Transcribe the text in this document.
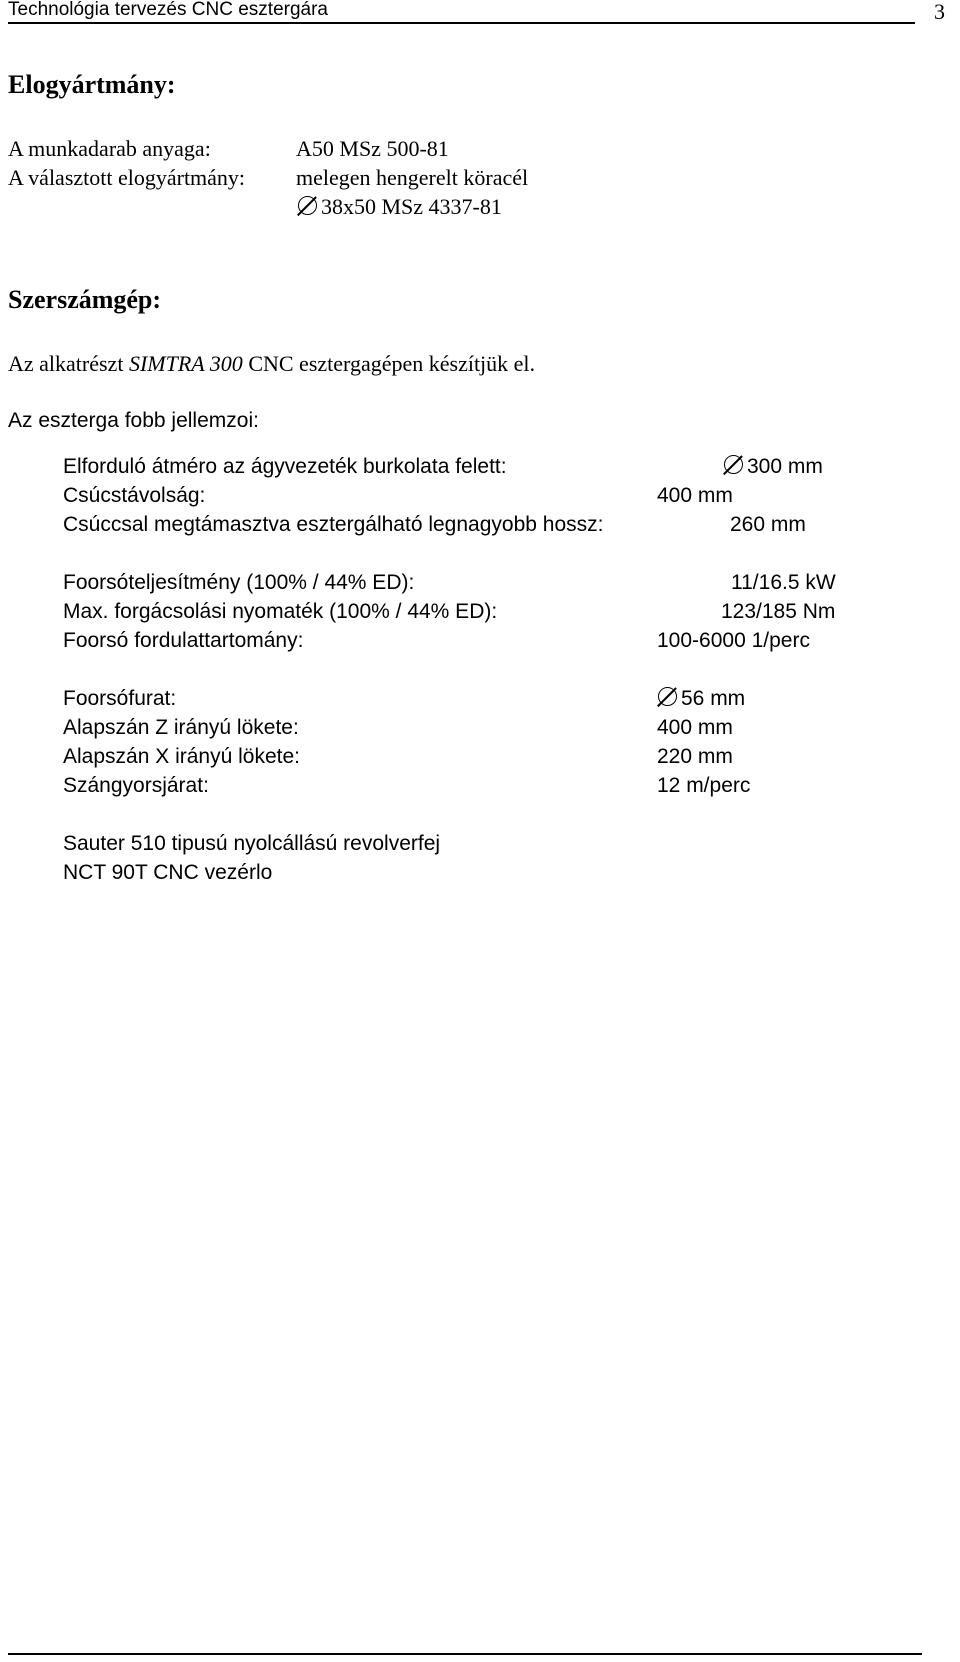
Technológia tervezés CNC esztergára	3
Elogyártmány:
A munkadarab anyaga:	A50 MSz 500-81
A választott elogyártmány: melegen hengerelt köracél
38x50 MSz 4337-81
Szerszámgép:
Az alkatrészt SIMTRA 300 CNC esztergagépen készítjük el.
Az eszterga fobb jellemzoi:
Elforduló átméro az ágyvezeték burkolata felett:	300 mm
Csúcstávolság:	400 mm
Csúccsal megtámasztva esztergálható legnagyobb hossz:	260 mm
Foorsóteljesítmény (100% / 44% ED):	11/16.5 kW
Max. forgácsolási nyomaték (100% / 44% ED):	123/185 Nm
Foorsó fordulattartomány:	100-6000 1/perc
Foorsófurat:	56 mm
Alapszán Z irányú lökete:	400 mm
Alapszán X irányú lökete:	220 mm
Szángyorsjárat:	12 m/perc
Sauter 510 tipusú nyolcállású revolverfej
NCT 90T CNC vezérlo
